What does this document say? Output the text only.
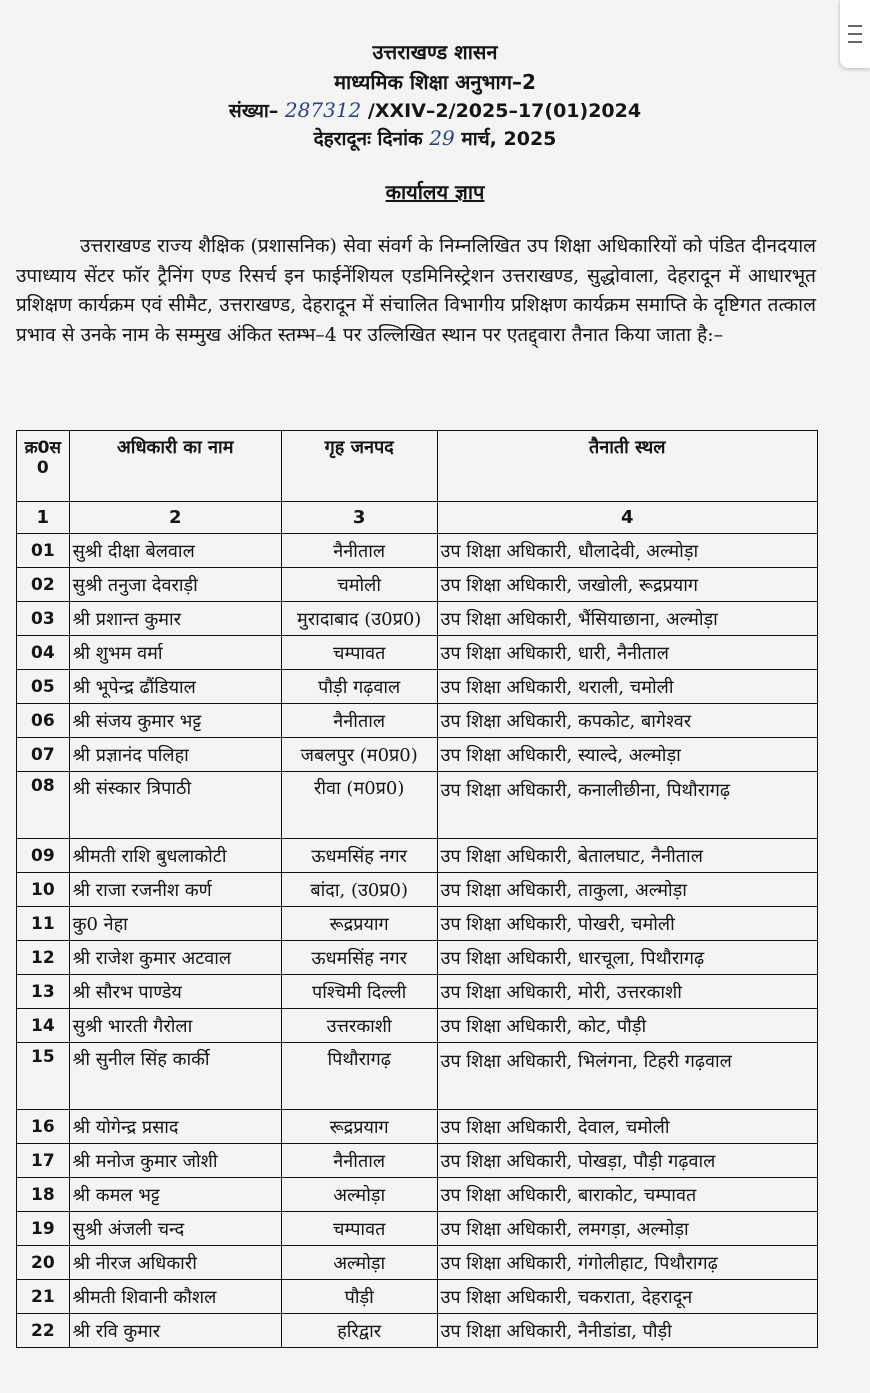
उत्तराखण्ड शासन
माध्यमिक शिक्षा अनुभाग–2
संख्या– 287312 /XXIV–2/2025–17(01)2024
देहरादूनः दिनांक 29 मार्च, 2025
कार्यालय ज्ञाप
उत्तराखण्ड राज्य शैक्षिक (प्रशासनिक) सेवा संवर्ग के निम्नलिखित उप शिक्षा अधिकारियों को पंडित दीनदयाल उपाध्याय सेंटर फॉर ट्रैनिंग एण्ड रिसर्च इन फाईनेंशियल एडमिनिस्ट्रेशन उत्तराखण्ड, सुद्धोवाला, देहरादून में आधारभूत प्रशिक्षण कार्यक्रम एवं सीमैट, उत्तराखण्ड, देहरादून में संचालित विभागीय प्रशिक्षण कार्यक्रम समाप्ति के दृष्टिगत तत्काल प्रभाव से उनके नाम के सम्मुख अंकित स्तम्भ–4 पर उल्लिखित स्थान पर एतद्द्वारा तैनात किया जाता है:–
क्र0स0	अधिकारी का नाम	गृह जनपद	तैनाती स्थल
1	2	3	4
01	सुश्री दीक्षा बेलवाल	नैनीताल	उप शिक्षा अधिकारी, धौलादेवी, अल्मोड़ा
02	सुश्री तनुजा देवराड़ी	चमोली	उप शिक्षा अधिकारी, जखोली, रूद्रप्रयाग
03	श्री प्रशान्त कुमार	मुरादाबाद (उ0प्र0)	उप शिक्षा अधिकारी, भैंसियाछाना, अल्मोड़ा
04	श्री शुभम वर्मा	चम्पावत	उप शिक्षा अधिकारी, धारी, नैनीताल
05	श्री भूपेन्द्र ढौंडियाल	पौड़ी गढ़वाल	उप शिक्षा अधिकारी, थराली, चमोली
06	श्री संजय कुमार भट्ट	नैनीताल	उप शिक्षा अधिकारी, कपकोट, बागेश्वर
07	श्री प्रज्ञानंद पलिहा	जबलपुर (म0प्र0)	उप शिक्षा अधिकारी, स्याल्दे, अल्मोड़ा
08	श्री संस्कार त्रिपाठी	रीवा (म0प्र0)	उप शिक्षा अधिकारी, कनालीछीना, पिथौरागढ़
09	श्रीमती राशि बुधलाकोटी	ऊधमसिंह नगर	उप शिक्षा अधिकारी, बेतालघाट, नैनीताल
10	श्री राजा रजनीश कर्ण	बांदा, (उ0प्र0)	उप शिक्षा अधिकारी, ताकुला, अल्मोड़ा
11	कु0 नेहा	रूद्रप्रयाग	उप शिक्षा अधिकारी, पोखरी, चमोली
12	श्री राजेश कुमार अटवाल	ऊधमसिंह नगर	उप शिक्षा अधिकारी, धारचूला, पिथौरागढ़
13	श्री सौरभ पाण्डेय	पश्चिमी दिल्ली	उप शिक्षा अधिकारी, मोरी, उत्तरकाशी
14	सुश्री भारती गैरोला	उत्तरकाशी	उप शिक्षा अधिकारी, कोट, पौड़ी
15	श्री सुनील सिंह कार्की	पिथौरागढ़	उप शिक्षा अधिकारी, भिलंगना, टिहरी गढ़वाल
16	श्री योगेन्द्र प्रसाद	रूद्रप्रयाग	उप शिक्षा अधिकारी, देवाल, चमोली
17	श्री मनोज कुमार जोशी	नैनीताल	उप शिक्षा अधिकारी, पोखड़ा, पौड़ी गढ़वाल
18	श्री कमल भट्ट	अल्मोड़ा	उप शिक्षा अधिकारी, बाराकोट, चम्पावत
19	सुश्री अंजली चन्द	चम्पावत	उप शिक्षा अधिकारी, लमगड़ा, अल्मोड़ा
20	श्री नीरज अधिकारी	अल्मोड़ा	उप शिक्षा अधिकारी, गंगोलीहाट, पिथौरागढ़
21	श्रीमती शिवानी कौशल	पौड़ी	उप शिक्षा अधिकारी, चकराता, देहरादून
22	श्री रवि कुमार	हरिद्वार	उप शिक्षा अधिकारी, नैनीडांडा, पौड़ी
